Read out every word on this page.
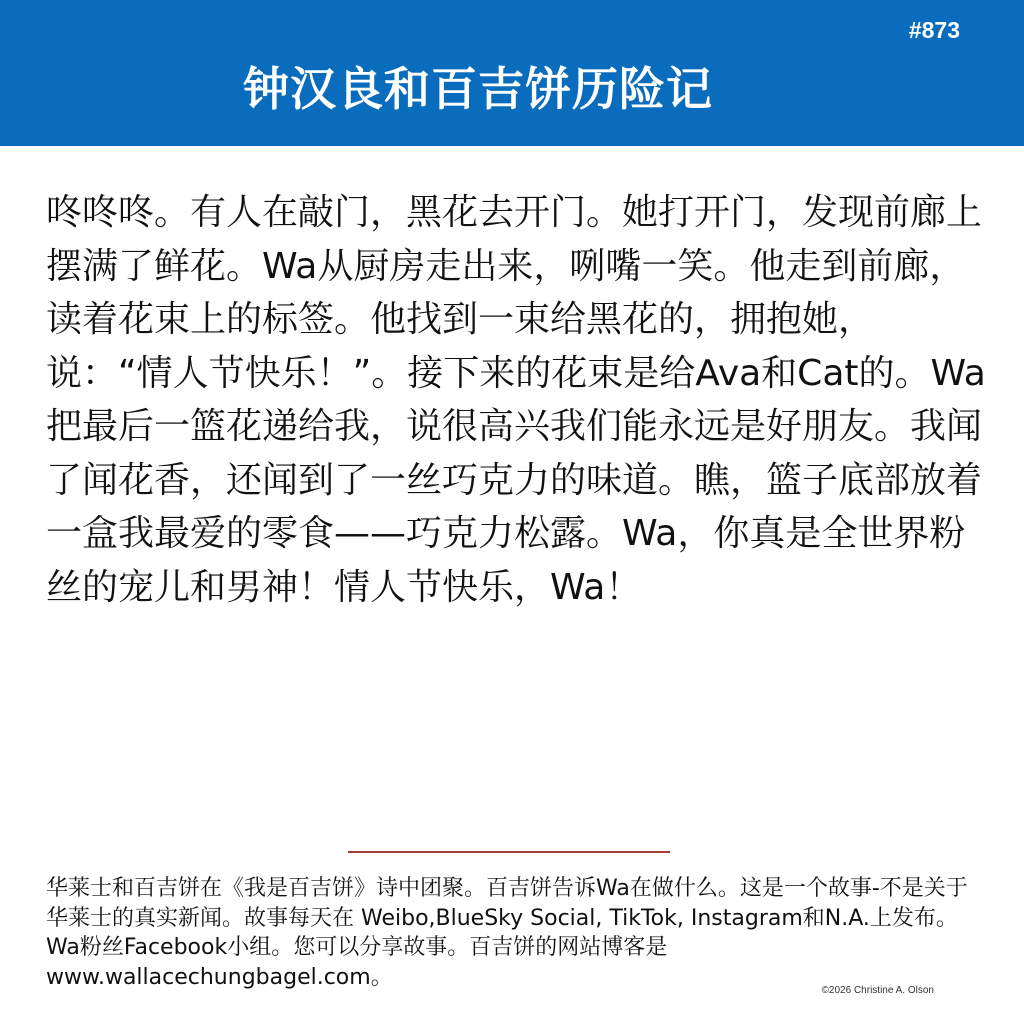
#873
钟汉良和百吉饼历险记

咚咚咚。有人在敲门，黑花去开门。她打开门，发现前廊上摆满了鲜花。Wa从厨房走出来，咧嘴一笑。他走到前廊，读着花束上的标签。他找到一束给黑花的，拥抱她，说：“情人节快乐！”。接下来的花束是给Ava和Cat的。Wa把最后一篮花递给我，说很高兴我们能永远是好朋友。我闻了闻花香，还闻到了一丝巧克力的味道。瞧，篮子底部放着一盒我最爱的零食——巧克力松露。Wa，你真是全世界粉丝的宠儿和男神！情人节快乐，Wa！

华莱士和百吉饼在《我是百吉饼》诗中团聚。百吉饼告诉Wa在做什么。这是一个故事-不是关于华莱士的真实新闻。故事每天在 Weibo,BlueSky Social, TikTok, Instagram和N.A.上发布。Wa粉丝Facebook小组。您可以分享故事。百吉饼的网站博客是www.wallacechungbagel.com。

©2026 Christine A. Olson
